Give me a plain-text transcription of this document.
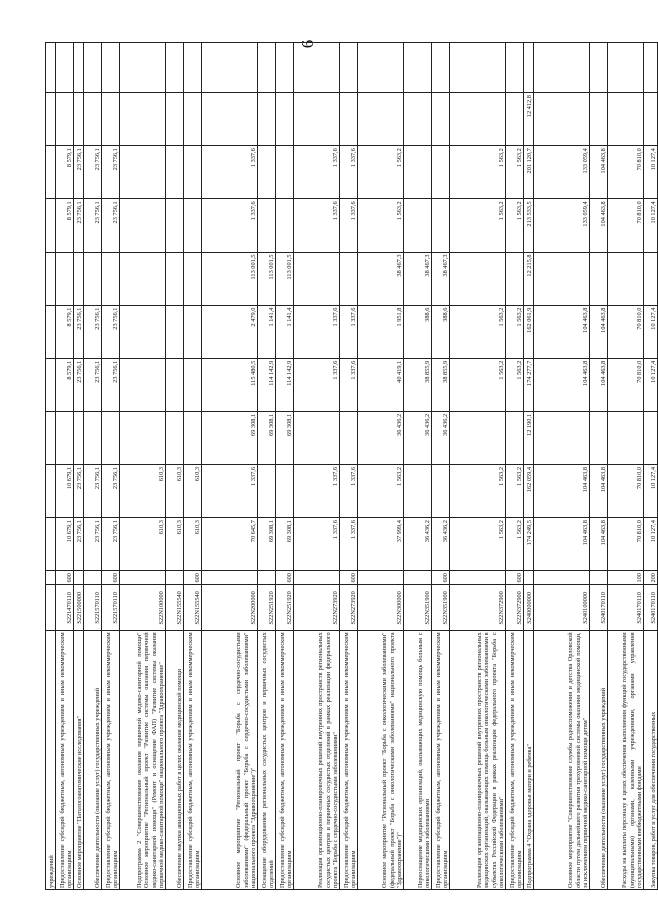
6
учреждений												
Предоставление субсидий бюджетным, автономным учреждениям и иным некоммерческим организациям	S221470110	600	10 679,1	10 679,1		8 579,1	8 579,1		8 579,1	8 579,1		
Основное мероприятие "Патологоанатомические исследования"	S221500000		23 756,1	23 756,1		23 756,1	23 756,1		23 756,1	23 756,1		
Обеспечение деятельности (оказание услуг) государственных учреждений	S221570110		23 756,1	23 756,1		23 756,1	23 756,1		23 756,1	23 756,1		
Предоставление субсидий бюджетным, автономным учреждениям и иным некоммерческим организациям	S221570110	600	23 756,1	23 756,1		23 756,1	23 756,1		23 756,1	23 756,1		
Подпрограмма 2 "Совершенствование оказания первичной медико-санитарной помощи" Основное мероприятие "Региональный проект "Развитие системы оказания первичной медико-санитарной помощи" (Ремонт и оснащение ФАП) "Развитие системы оказания первичной медико-санитарной помощи" национального проекта "Здравоохранение"	S22N100000		610,3	610,3								
Обеспечение закупки авиационных работ в целях оказания медицинской помощи	S22N155540		610,3	610,3								
Предоставление субсидий бюджетным, автономным учреждениям и иным некоммерческим организациям	S22N155540	600	610,3	610,3								
Основное мероприятие "Региональный проект "Борьба с сердечно-сосудистыми заболеваниями" (федеральный проект "Борьба с сердечно-сосудистыми заболеваниями" национального проекта "Здравоохранение")"	S22N200000		70 645,7	1 337,6	69 308,1	115 480,5	2 479,0	113 001,5	1 337,6	1 337,6		
Оснащение оборудованием региональных сосудистых центров и первичных сосудистых отделений	S22N251920		69 308,1		69 308,1	114 142,9	1 141,4	113 001,5				
Предоставление субсидий бюджетным, автономным учреждениям и иным некоммерческим организациям	S22N251920	600	69 308,1		69 308,1	114 142,9	1 141,4	113 001,5				
Реализация организационно-планировочных решений внутренних пространств региональных сосудистых центров и первичных сосудистых отделений в рамках реализации федерального проекта "Борьба с сердечно-сосудистыми заболеваниями"	S22N273920		1 337,6	1 337,6		1 337,6	1 337,6		1 337,6	1 337,6		
Предоставление субсидий бюджетным, автономным учреждениям и иным некоммерческим организациям	S22N273920	600	1 337,6	1 337,6		1 337,6	1 337,6		1 337,6	1 337,6		
Основное мероприятие "Региональный проект "Борьба с онкологическими заболеваниями" (федеральный проект "Борьба с онкологическими заболеваниями" национального проекта "Здравоохранение")"	S22N300000		37 999,4	1 563,2	36 436,2	40 419,1	1 951,8	38 467,3	1 563,2	1 563,2		
Переоснащение медицинских организаций, оказывающих медицинскую помощь больным с онкологическими заболеваниями	S22N351900		36 436,2		36 436,2	38 855,9	388,6	38 467,3				
Предоставление субсидий бюджетным, автономным учреждениям и иным некоммерческим организациям	S22N351900	600	36 436,2		36 436,2	38 855,9	388,6	38 467,3				
Реализация организационно-планировочных решений внутренних пространств региональных медицинских организаций, оказывающих помощь больным онкологическими заболеваниями в субъектах Российской Федерации в рамках реализации федерального проекта "Борьба с онкологическими заболеваниями"	S22N372900		1 563,2	1 563,2		1 563,2	1 563,2		1 563,2	1 563,2		
Предоставление субсидий бюджетным, автономным учреждениям и иным некоммерческим организациям	S22N372900	600	1 563,2	1 563,2		1 563,2	1 563,2		1 563,2	1 563,2		
Подпрограмма 4 "Охрана здоровья матери и ребенка"	S240000000		174 249,5	162 059,4	12 190,1	174 277,7	162 061,9	12 215,8	213 533,5	201 120,7	12 412,8	
Основное мероприятие "Совершенствование службы родовспоможения и детства Орловской области путем дальнейшего развития трехуровневой системы оказания медицинской помощи, за исключением первичной медико-санитарной помощи детям"	S240100000		104 463,8	104 463,8		104 463,8	104 463,8		133 059,4	133 059,4		
Обеспечение деятельности (оказание услуг) государственных учреждений	S240170110		104 463,8	104 463,8		104 463,8	104 463,8		104 463,8	104 463,8		
Расходы на выплаты персоналу в целях обеспечения выполнения функций государственными (муниципальными) органами, казенными учреждениями, органами управления государственными внебюджетными фондами	S240170110	100	70 810,0	70 810,0		70 810,0	70 810,0		70 810,0	70 810,0		
Закупка товаров, работ и услуг для обеспечения государственных	S240170110	200	10 127,4	10 127,4		10 127,4	10 127,4		10 127,4	10 127,4		
